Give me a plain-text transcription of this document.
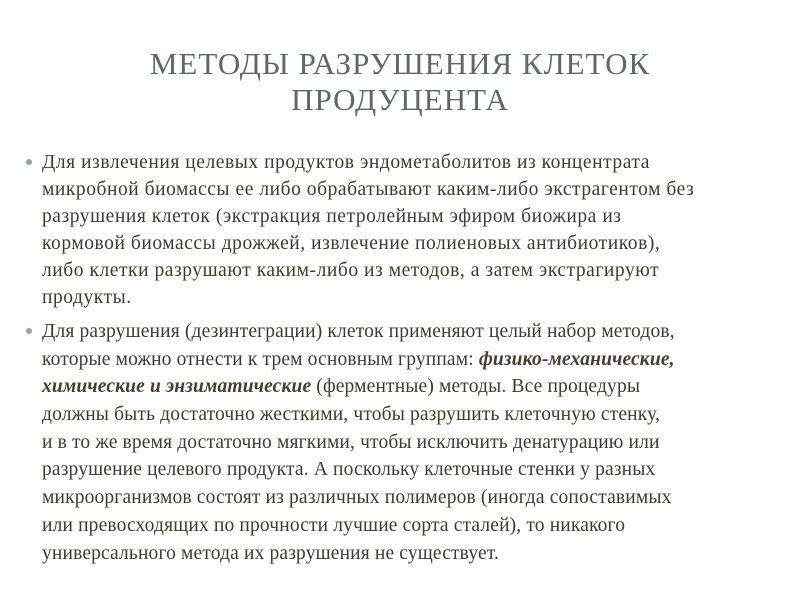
МЕТОДЫ РАЗРУШЕНИЯ КЛЕТОК
ПРОДУЦЕНТА
Для извлечения целевых продуктов эндометаболитов из концентрата
микробной биомассы ее либо обрабатывают каким-либо экстрагентом без
разрушения клеток (экстракция петролейным эфиром биожира из
кормовой биомассы дрожжей, извлечение полиеновых антибиотиков),
либо клетки разрушают каким-либо из методов, а затем экстрагируют
продукты.
Для разрушения (дезинтеграции) клеток применяют целый набор методов,
которые можно отнести к трем основным группам: физико-механические,
химические и энзиматические (ферментные) методы. Все процедуры
должны быть достаточно жесткими, чтобы разрушить клеточную стенку,
и в то же время достаточно мягкими, чтобы исключить денатурацию или
разрушение целевого продукта. А поскольку клеточные стенки у разных
микроорганизмов состоят из различных полимеров (иногда сопоставимых
или превосходящих по прочности лучшие сорта сталей), то никакого
универсального метода их разрушения не существует.
